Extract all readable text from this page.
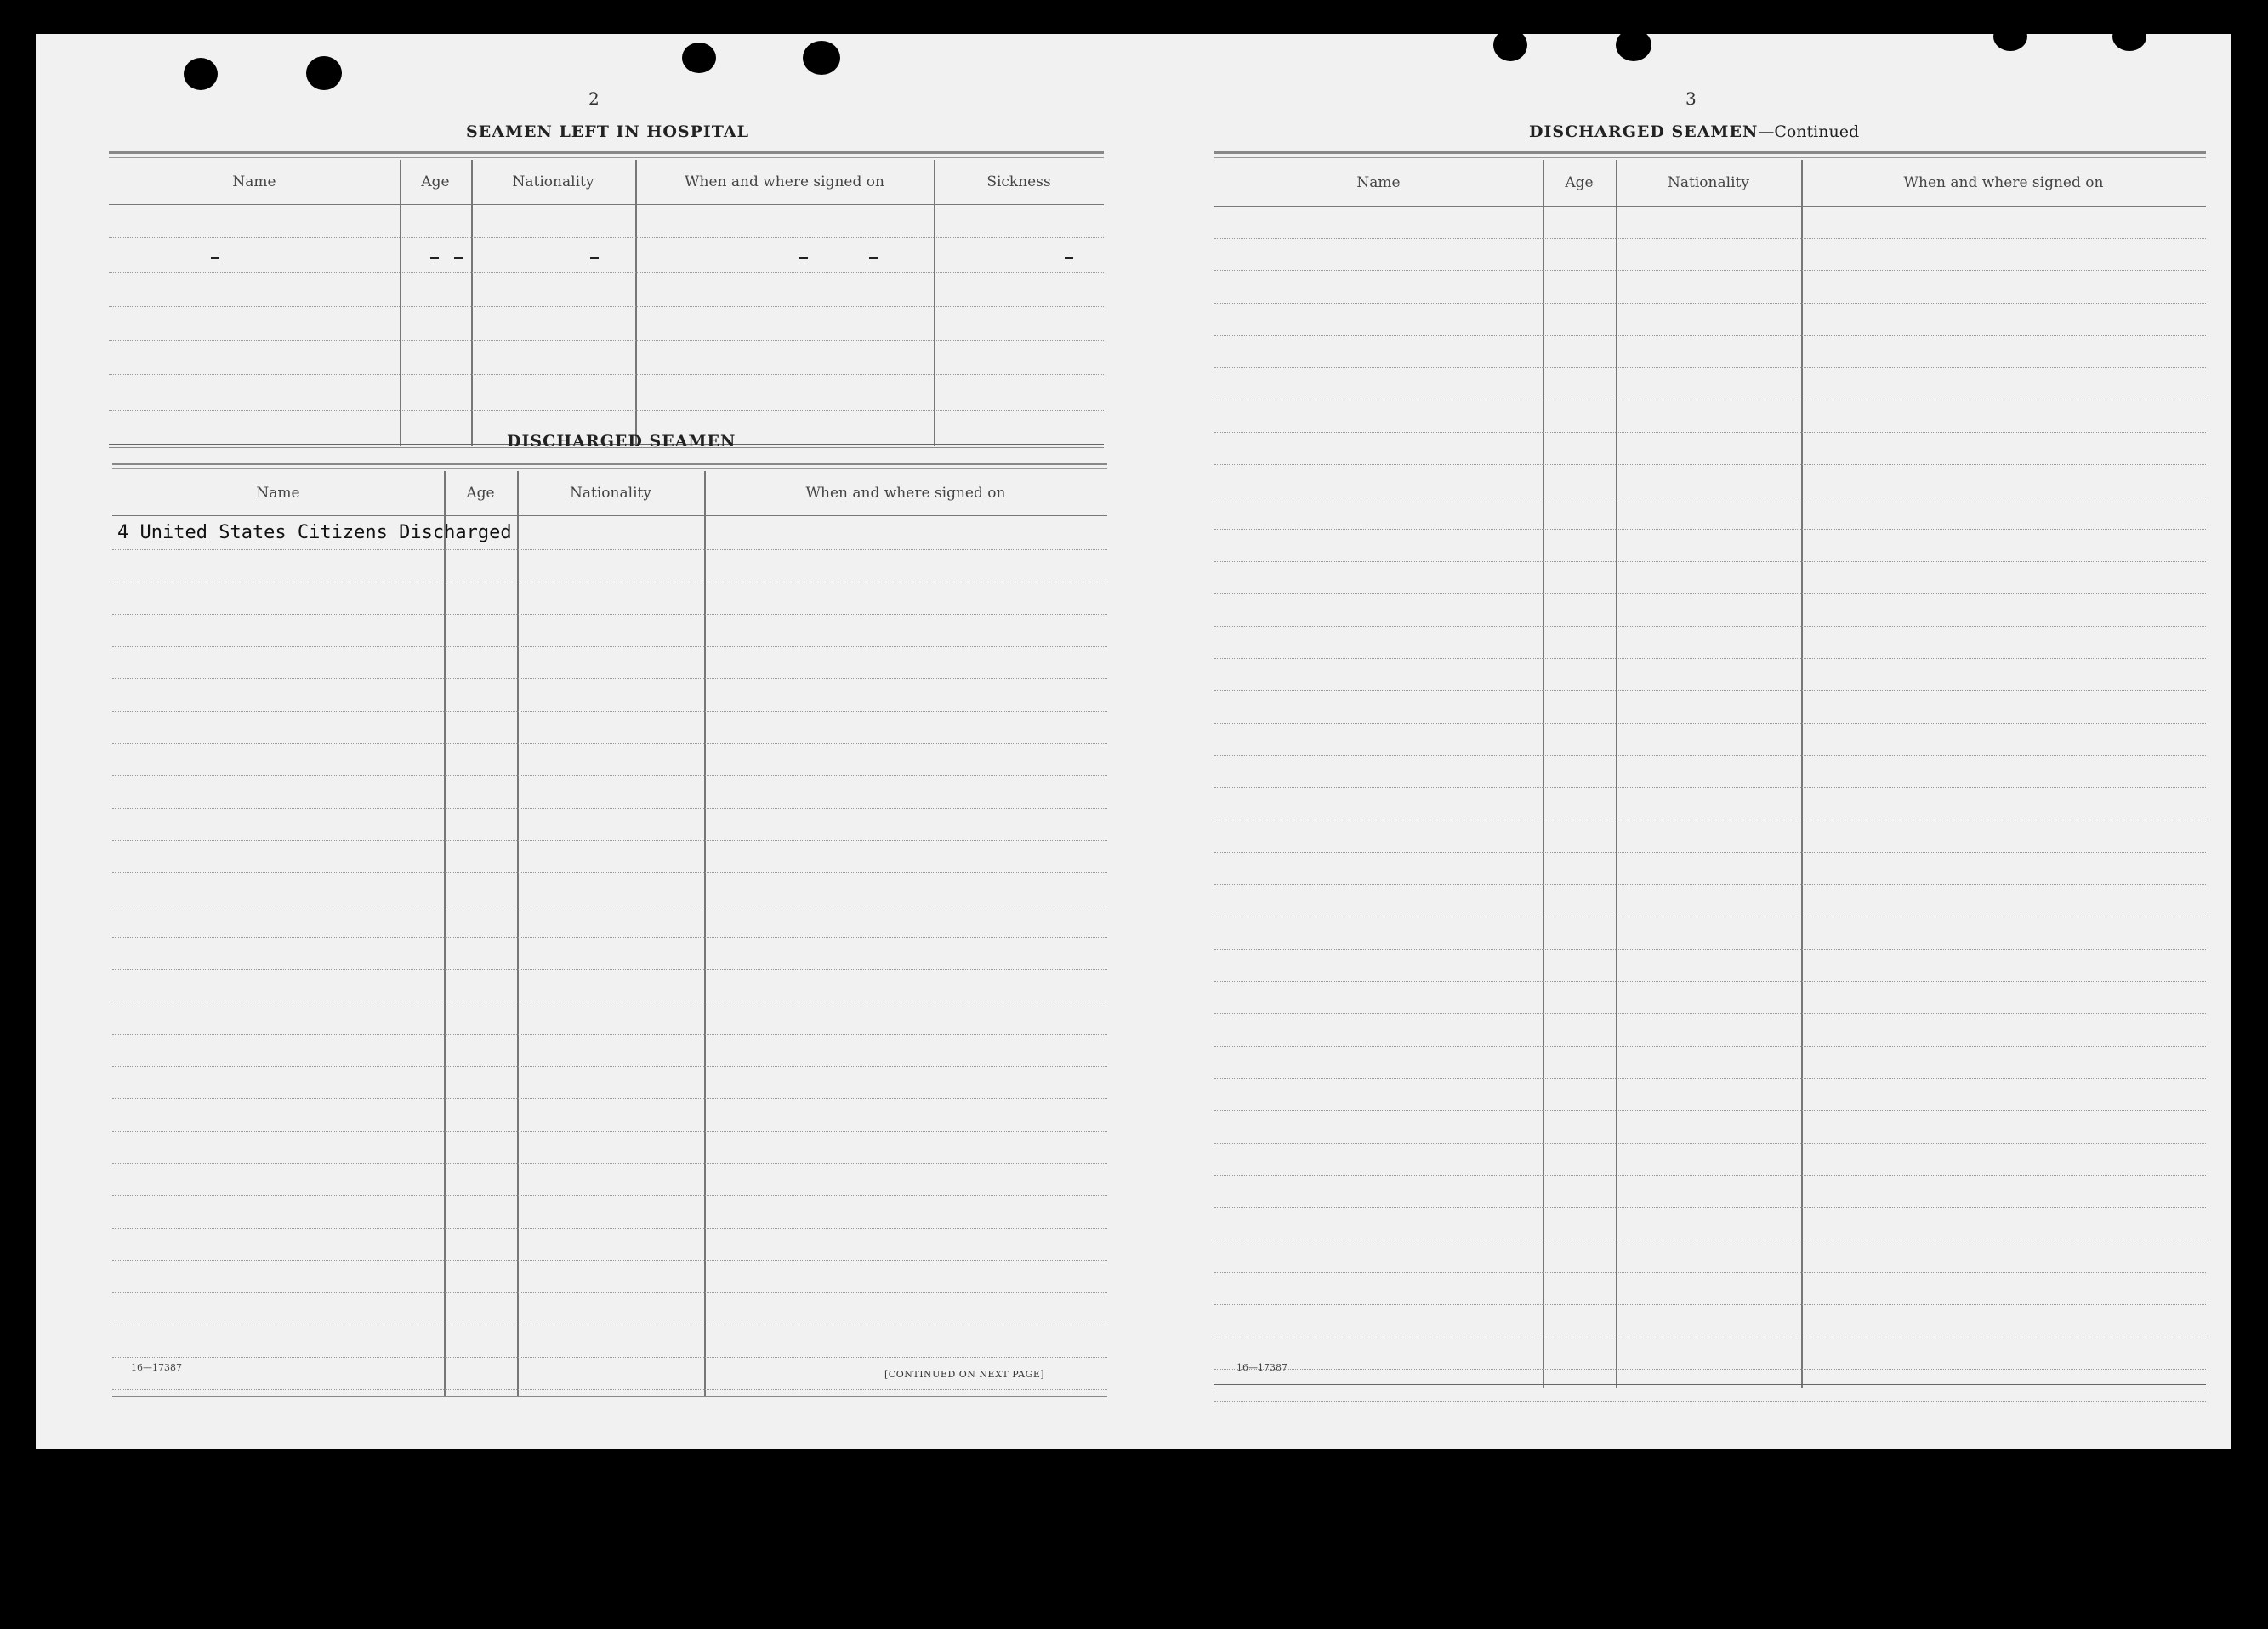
2
SEAMEN LEFT IN HOSPITAL
Name	Age	Nationality	When and where signed on	Sickness
DISCHARGED SEAMEN
Name	Age	Nationality	When and where signed on
4 United States Citizens Discharged
16—17387
[CONTINUED ON NEXT PAGE]
3
DISCHARGED SEAMEN—Continued
Name	Age	Nationality	When and where signed on
16—17387
